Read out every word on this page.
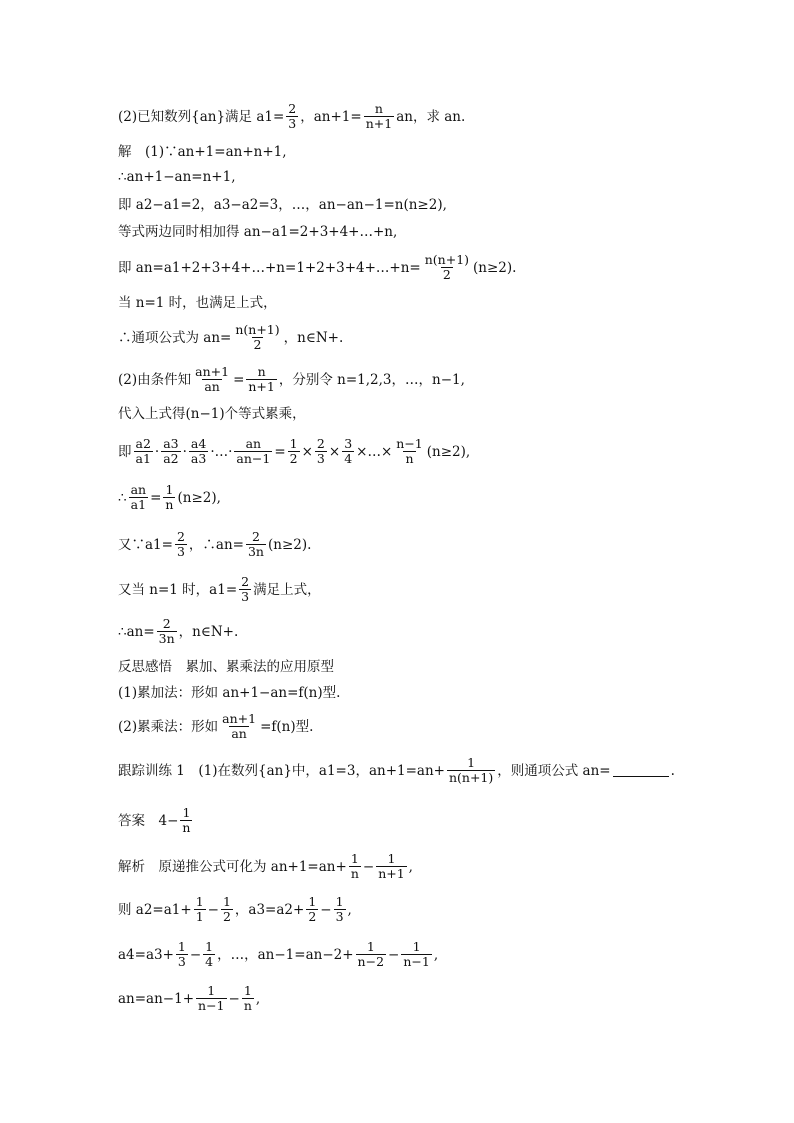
(2)已知数列{an}满足 $a1= \frac{2}{3}$ ，$an+1= \frac{n}{n+1}$ an，求 an.
解　(1)∵an+1=an+n+1,
∴an+1−an=n+1,
即 a2−a1=2，a3−a2=3，…，an−an−1=n(n≥2),
等式两边同时相加得 an−a1=2+3+4+…+n,
即 an=a1+2+3+4+…+n=1+2+3+4+…+n= $\frac{n(n+1)}{2} (n\ge 2)$.
当 n=1 时，也满足上式，
∴通项公式为 $an= \frac{n(n+1)}{2}$ ，n∈N+.
(2)由条件知 $\frac{an+1}{an} = \frac{n}{n+1}$ ，分别令 n=1,2,3，…，n−1,
代入上式得(n−1)个等式累乘，
即 $\frac{a2}{a1} \cdot \frac{a3}{a2} \cdot \frac{a4}{a3}$ ·…· $\frac{an}{an-1} = \frac{1}{2} \times \frac{2}{3} \times \frac{3}{4}$ ×…× $\frac{n-1}{n} (n\ge 2)$,
∴ $\frac{an}{a1} = \frac{1}{n} (n\ge 2)$,
又∵a1= $\frac{2}{3}$ ，∴an= $\frac{2}{3n} (n\ge 2)$.
又当 n=1 时，$a1= \frac{2}{3}$ 满足上式，
∴an= $\frac{2}{3n}$ ，n∈N+.
反思感悟　累加、累乘法的应用原型
(1)累加法：形如 an+1−an=f(n)型.
(2)累乘法：形如 $\frac{an+1}{an} =f(n)$型.
跟踪训练 1　(1)在数列{an}中，a1=3，$an+1=an+ \frac{1}{n(n+1)}$ ，则通项公式 an=	.
答案　$4- \frac{1}{n}$
解析　原递推公式可化为 $an+1=an+ \frac{1}{n} - \frac{1}{n+1}$ ,
则 $a2=a1+ \frac{1}{1} - \frac{1}{2}$ ，$a3=a2+ \frac{1}{2} - \frac{1}{3}$ ,
$a4=a3+ \frac{1}{3} - \frac{1}{4}$ ，…，$an-1=an-2+ \frac{1}{n-2} - \frac{1}{n-1}$ ,
$an=an-1+ \frac{1}{n-1} - \frac{1}{n}$ ,
